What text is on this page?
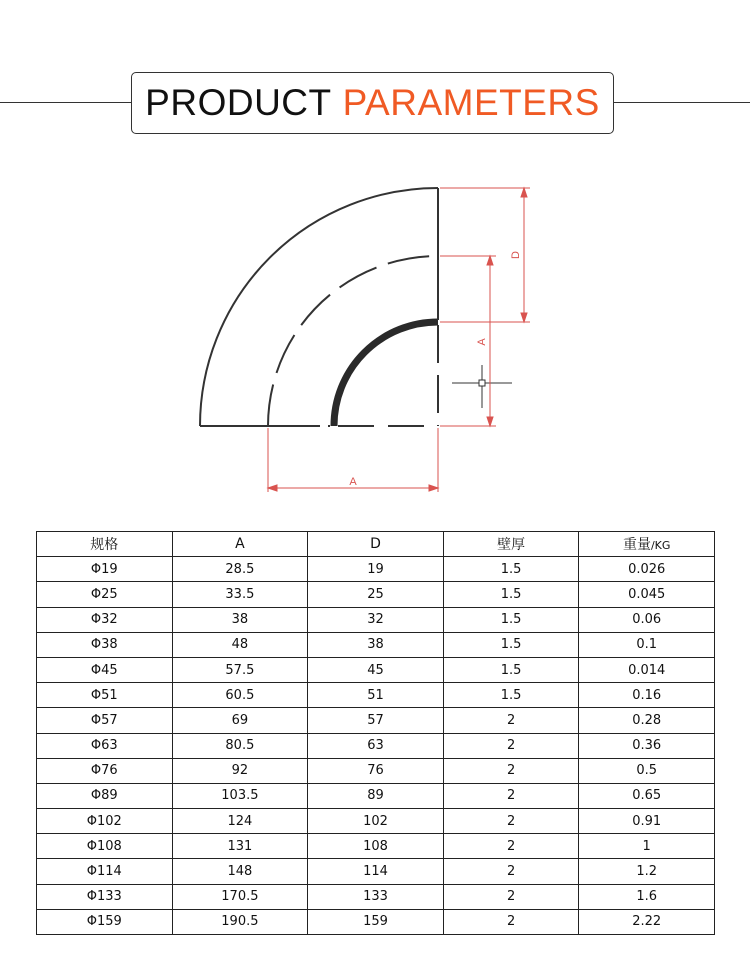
PRODUCT PARAMETERS
D
A
A
规格	A	D	壁厚	重量/KG
Φ19	28.5	19	1.5	0.026
Φ25	33.5	25	1.5	0.045
Φ32	38	32	1.5	0.06
Φ38	48	38	1.5	0.1
Φ45	57.5	45	1.5	0.014
Φ51	60.5	51	1.5	0.16
Φ57	69	57	2	0.28
Φ63	80.5	63	2	0.36
Φ76	92	76	2	0.5
Φ89	103.5	89	2	0.65
Φ102	124	102	2	0.91
Φ108	131	108	2	1
Φ114	148	114	2	1.2
Φ133	170.5	133	2	1.6
Φ159	190.5	159	2	2.22
